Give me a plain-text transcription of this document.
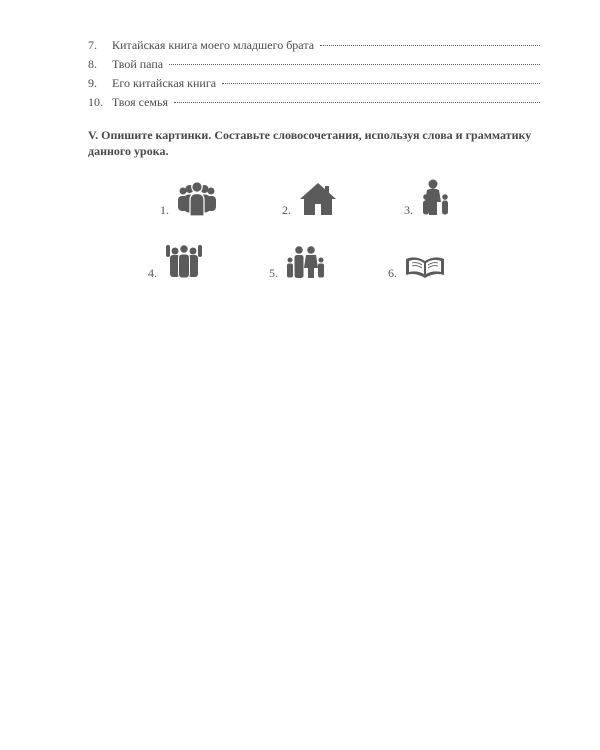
7.	Китайская книга моего младшего брата
8.	Твой папа
9.	Его китайская книга
10. Твоя семья
V. Опишите картинки. Составьте словосочетания, используя слова и грамматику данного урока.
1.	2.	3.
4.	5.	6.
